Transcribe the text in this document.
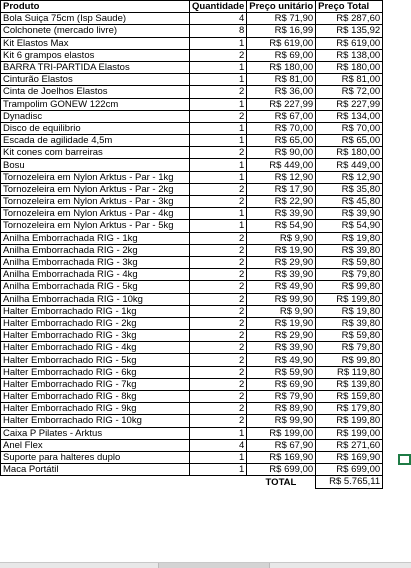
Produto	Quantidade	Preço unitário	Preço Total
Bola Suiça 75cm (Isp Saude)	4	R$ 71,90	R$ 287,60
Colchonete (mercado livre)	8	R$ 16,99	R$ 135,92
Kit Elastos Max	1	R$ 619,00	R$ 619,00
Kit 6 grampos elastos	2	R$ 69,00	R$ 138,00
BARRA TRI-PARTIDA Elastos	1	R$ 180,00	R$ 180,00
Cinturão Elastos	1	R$ 81,00	R$ 81,00
Cinta de Joelhos Elastos	2	R$ 36,00	R$ 72,00
Trampolim GONEW 122cm	1	R$ 227,99	R$ 227,99
Dynadisc	2	R$ 67,00	R$ 134,00
Disco de equilibrio	1	R$ 70,00	R$ 70,00
Escada de agilidade 4,5m	1	R$ 65,00	R$ 65,00
Kit cones com barreiras	2	R$ 90,00	R$ 180,00
Bosu	1	R$ 449,00	R$ 449,00
Tornozeleira em Nylon Arktus - Par - 1kg	1	R$ 12,90	R$ 12,90
Tornozeleira em Nylon Arktus - Par - 2kg	2	R$ 17,90	R$ 35,80
Tornozeleira em Nylon Arktus - Par - 3kg	2	R$ 22,90	R$ 45,80
Tornozeleira em Nylon Arktus - Par - 4kg	1	R$ 39,90	R$ 39,90
Tornozeleira em Nylon Arktus - Par - 5kg	1	R$ 54,90	R$ 54,90
Anilha Emborrachada RIG - 1kg	2	R$ 9,90	R$ 19,80
Anilha Emborrachada RIG - 2kg	2	R$ 19,90	R$ 39,80
Anilha Emborrachada RIG - 3kg	2	R$ 29,90	R$ 59,80
Anilha Emborrachada RIG - 4kg	2	R$ 39,90	R$ 79,80
Anilha Emborrachada RIG - 5kg	2	R$ 49,90	R$ 99,80
Anilha Emborrachada RIG - 10kg	2	R$ 99,90	R$ 199,80
Halter Emborrachado RIG - 1kg	2	R$ 9,90	R$ 19,80
Halter Emborrachado RIG - 2kg	2	R$ 19,90	R$ 39,80
Halter Emborrachado RIG - 3kg	2	R$ 29,90	R$ 59,80
Halter Emborrachado RIG - 4kg	2	R$ 39,90	R$ 79,80
Halter Emborrachado RIG - 5kg	2	R$ 49,90	R$ 99,80
Halter Emborrachado RIG - 6kg	2	R$ 59,90	R$ 119,80
Halter Emborrachado RIG - 7kg	2	R$ 69,90	R$ 139,80
Halter Emborrachado RIG - 8kg	2	R$ 79,90	R$ 159,80
Halter Emborrachado RIG - 9kg	2	R$ 89,90	R$ 179,80
Halter Emborrachado RIG - 10kg	2	R$ 99,90	R$ 199,80
Caixa P Pilates - Arktus	1	R$ 199,00	R$ 199,00
Anel Flex	4	R$ 67,90	R$ 271,60
Suporte para halteres duplo	1	R$ 169,90	R$ 169,90
Maca Portátil	1	R$ 699,00	R$ 699,00
		TOTAL	R$ 5.765,11
